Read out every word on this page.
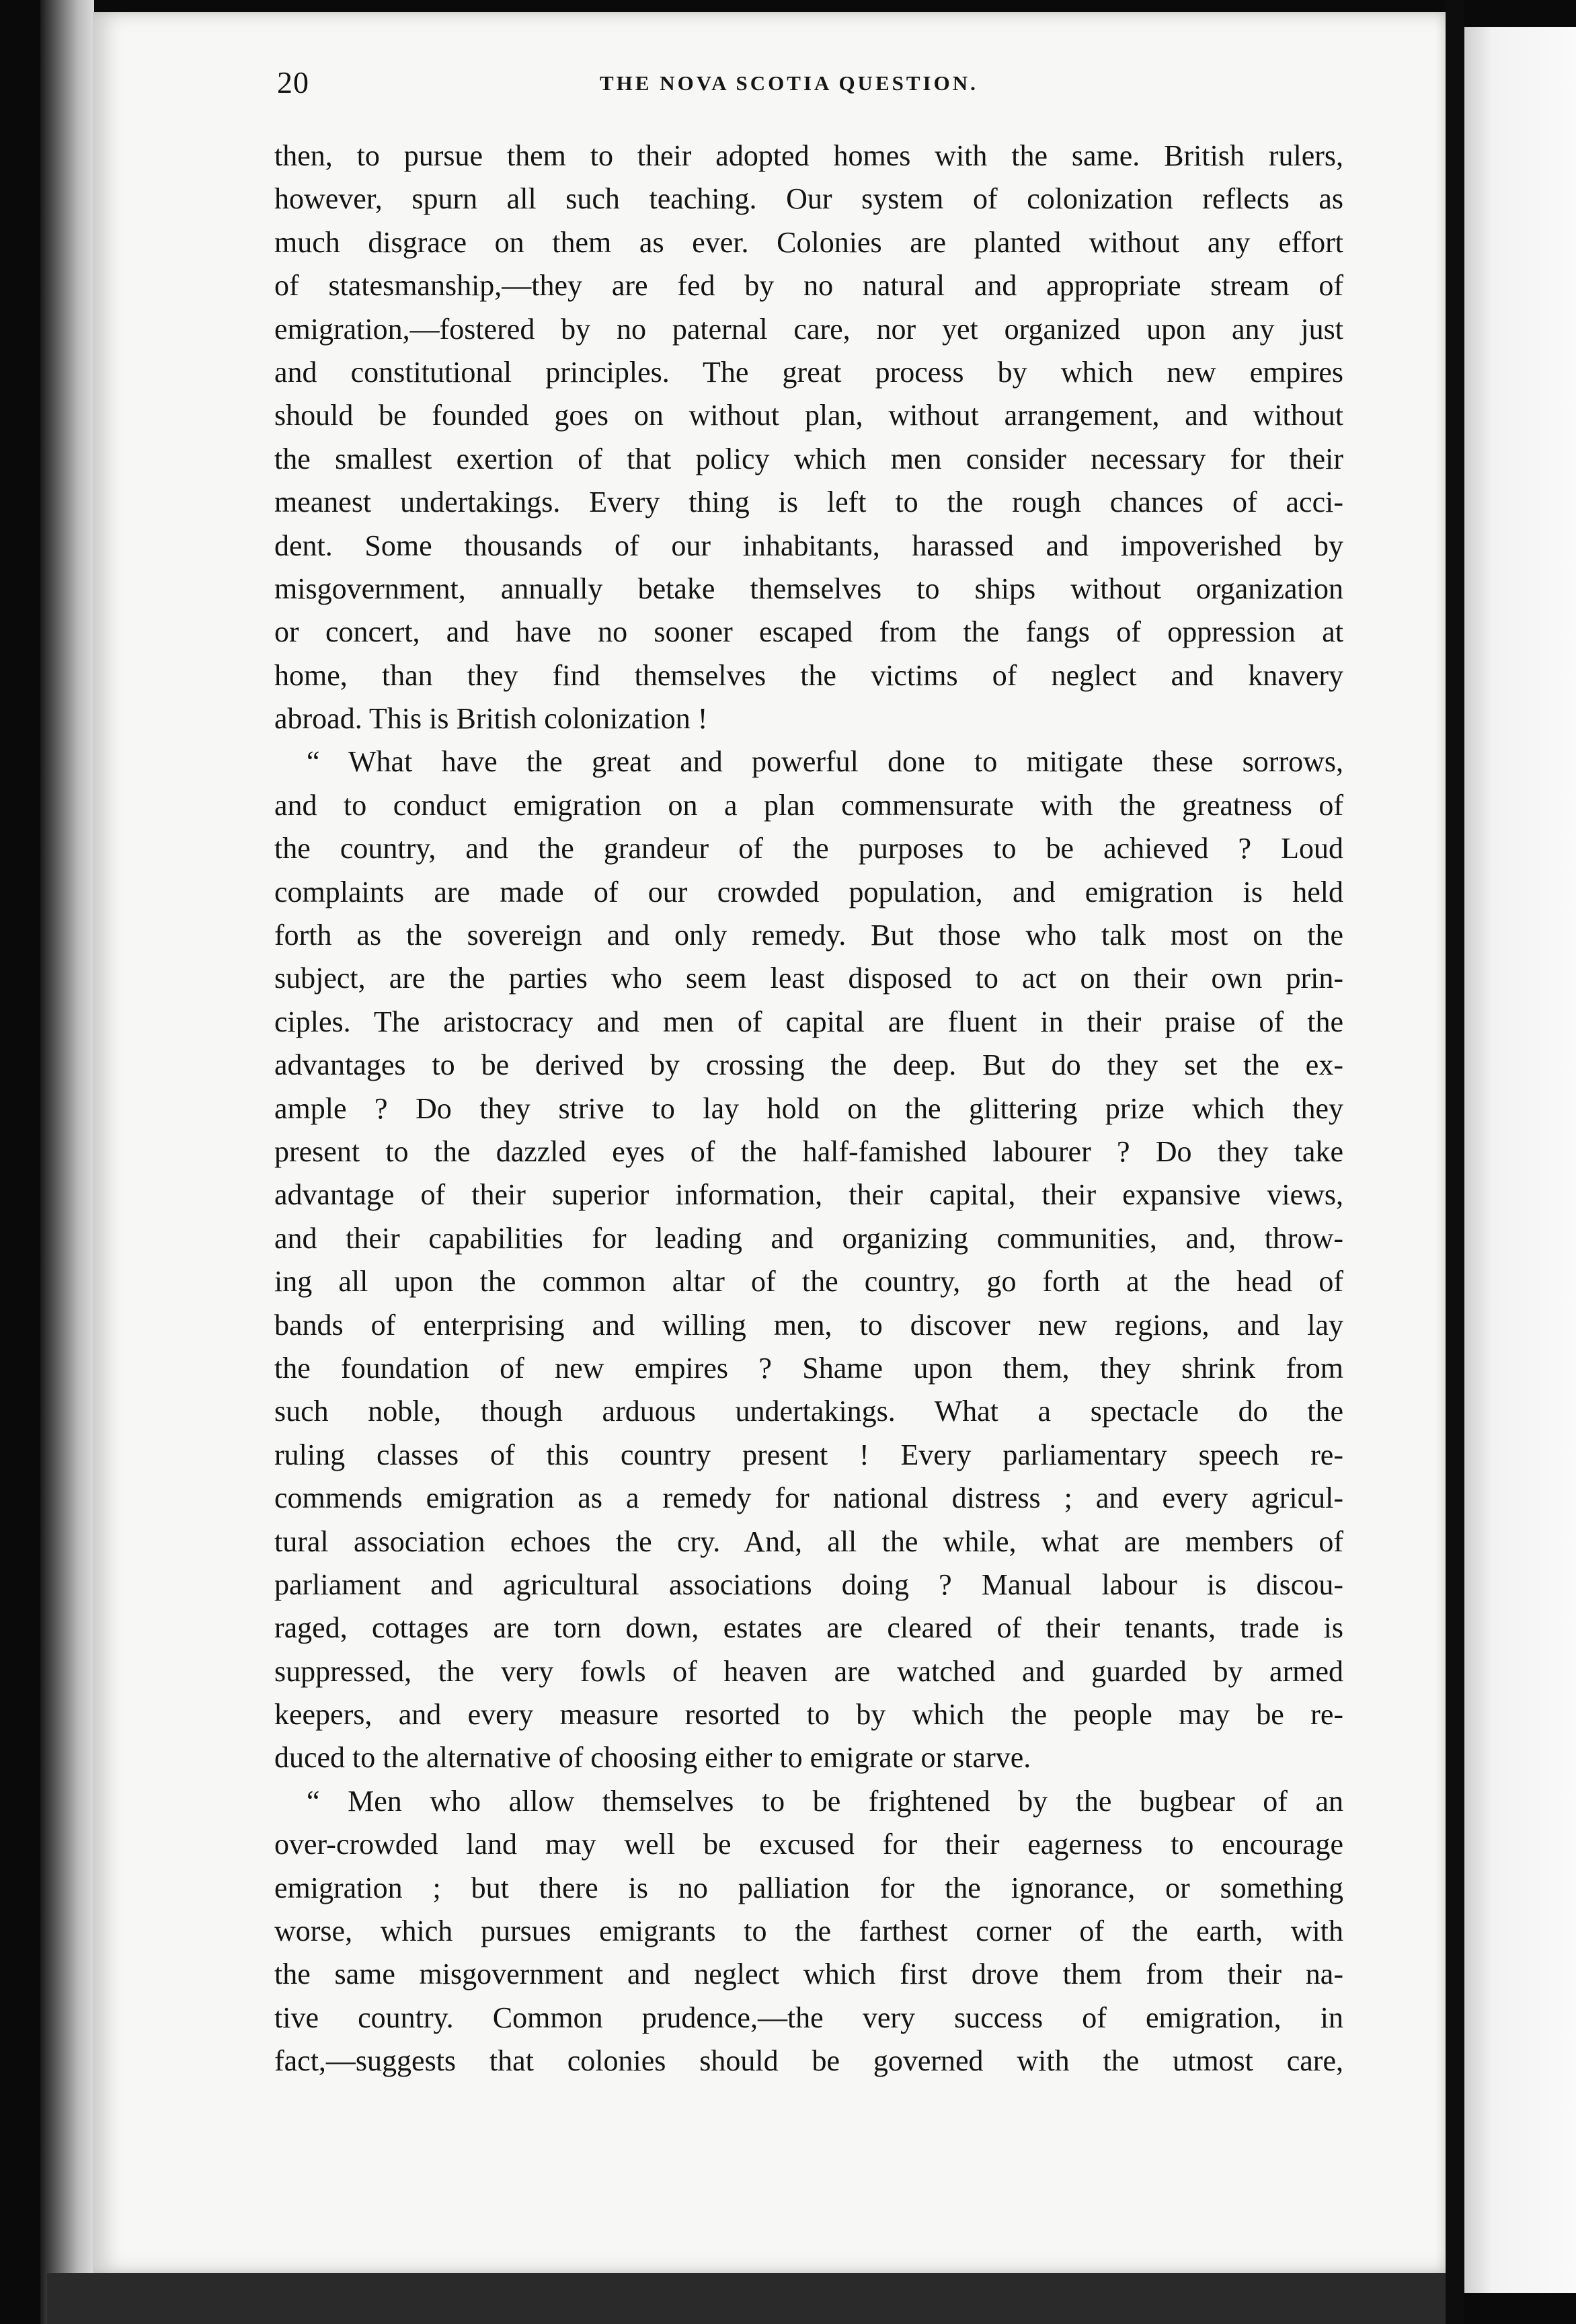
20	THE NOVA SCOTIA QUESTION.
then, to pursue them to their adopted homes with the same. British rulers,
however, spurn all such teaching. Our system of colonization reflects as
much disgrace on them as ever. Colonies are planted without any effort
of statesmanship,—they are fed by no natural and appropriate stream of
emigration,—fostered by no paternal care, nor yet organized upon any just
and constitutional principles. The great process by which new empires
should be founded goes on without plan, without arrangement, and without
the smallest exertion of that policy which men consider necessary for their
meanest undertakings. Every thing is left to the rough chances of acci-
dent. Some thousands of our inhabitants, harassed and impoverished by
misgovernment, annually betake themselves to ships without organization
or concert, and have no sooner escaped from the fangs of oppression at
home, than they find themselves the victims of neglect and knavery
abroad. This is British colonization !
“ What have the great and powerful done to mitigate these sorrows,
and to conduct emigration on a plan commensurate with the greatness of
the country, and the grandeur of the purposes to be achieved ? Loud
complaints are made of our crowded population, and emigration is held
forth as the sovereign and only remedy. But those who talk most on the
subject, are the parties who seem least disposed to act on their own prin-
ciples. The aristocracy and men of capital are fluent in their praise of the
advantages to be derived by crossing the deep. But do they set the ex-
ample ? Do they strive to lay hold on the glittering prize which they
present to the dazzled eyes of the half-famished labourer ? Do they take
advantage of their superior information, their capital, their expansive views,
and their capabilities for leading and organizing communities, and, throw-
ing all upon the common altar of the country, go forth at the head of
bands of enterprising and willing men, to discover new regions, and lay
the foundation of new empires ? Shame upon them, they shrink from
such noble, though arduous undertakings. What a spectacle do the
ruling classes of this country present ! Every parliamentary speech re-
commends emigration as a remedy for national distress ; and every agricul-
tural association echoes the cry. And, all the while, what are members of
parliament and agricultural associations doing ? Manual labour is discou-
raged, cottages are torn down, estates are cleared of their tenants, trade is
suppressed, the very fowls of heaven are watched and guarded by armed
keepers, and every measure resorted to by which the people may be re-
duced to the alternative of choosing either to emigrate or starve.
“ Men who allow themselves to be frightened by the bugbear of an
over-crowded land may well be excused for their eagerness to encourage
emigration ; but there is no palliation for the ignorance, or something
worse, which pursues emigrants to the farthest corner of the earth, with
the same misgovernment and neglect which first drove them from their na-
tive country. Common prudence,—the very success of emigration, in
fact,—suggests that colonies should be governed with the utmost care,
